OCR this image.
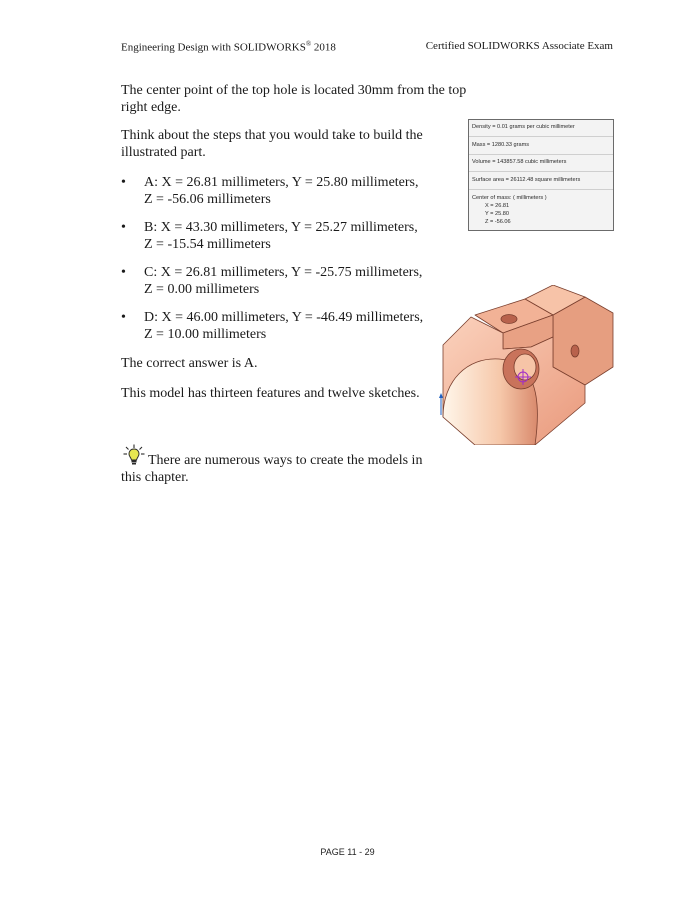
Engineering Design with SOLIDWORKS® 2018	Certified SOLIDWORKS Associate Exam
The center point of the top hole is located 30mm from the top
right edge.
Think about the steps that you would take to build the
illustrated part.
•	A: X = 26.81 millimeters, Y = 25.80 millimeters,
Z = -56.06 millimeters
•	B: X = 43.30 millimeters, Y = 25.27 millimeters,
Z = -15.54 millimeters
•	C: X = 26.81 millimeters, Y = -25.75 millimeters,
Z = 0.00 millimeters
•	D: X = 46.00 millimeters, Y = -46.49 millimeters,
Z = 10.00 millimeters
The correct answer is A.
This model has thirteen features and twelve sketches.
There are numerous ways to create the models in
this chapter.
Density = 0.01 grams per cubic millimeter
Mass = 1280.33 grams
Volume = 143857.58 cubic millimeters
Surface area = 26112.48 square millimeters
Center of mass: ( millimeters )
X = 26.81
Y = 25.80
Z = -56.06
PAGE 11 - 29
